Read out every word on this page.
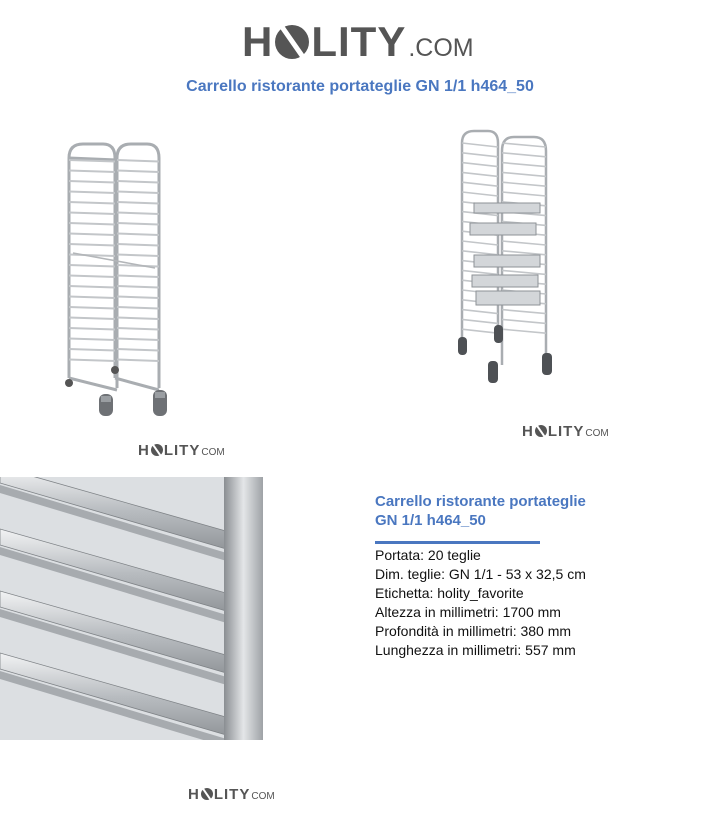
H LITY .COM
Carrello ristorante portateglie GN 1/1 h464_50
H LITY COM
H LITY COM
H LITY COM
Carrello ristorante portateglie
GN 1/1 h464_50
Portata: 20 teglie
Dim. teglie: GN 1/1 - 53 x 32,5 cm
Etichetta: holity_favorite
Altezza in millimetri: 1700 mm
Profondità in millimetri: 380 mm
Lunghezza in millimetri: 557 mm
